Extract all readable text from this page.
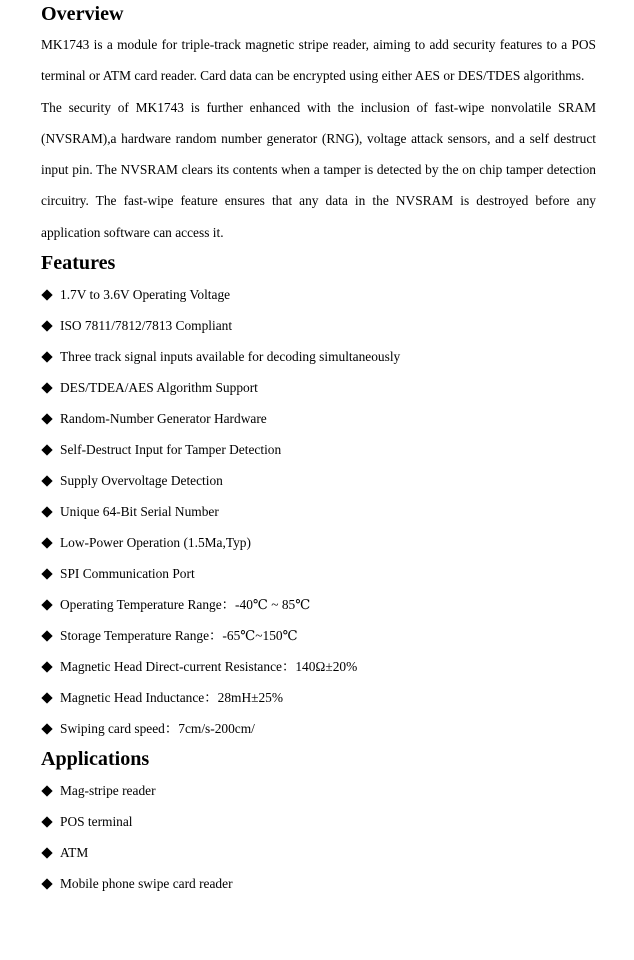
Overview

MK1743 is a module for triple-track magnetic stripe reader, aiming to add security features to a POS terminal or ATM card reader. Card data can be encrypted using either AES or DES/TDES algorithms.

The security of MK1743 is further enhanced with the inclusion of fast-wipe nonvolatile SRAM (NVSRAM),a hardware random number generator (RNG), voltage attack sensors, and a self destruct input pin. The NVSRAM clears its contents when a tamper is detected by the on chip tamper detection circuitry. The fast-wipe feature ensures that any data in the NVSRAM is destroyed before any application software can access it.

Features
1.7V to 3.6V Operating Voltage
ISO 7811/7812/7813 Compliant
Three track signal inputs available for decoding simultaneously
DES/TDEA/AES Algorithm Support
Random-Number Generator Hardware
Self-Destruct Input for Tamper Detection
Supply Overvoltage Detection
Unique 64-Bit Serial Number
Low-Power Operation (1.5Ma,Typ)
SPI Communication Port
Operating Temperature Range：-40℃ ~ 85℃
Storage Temperature Range：-65℃~150℃
Magnetic Head Direct-current Resistance：140Ω±20%
Magnetic Head Inductance：28mH±25%
Swiping card speed：7cm/s-200cm/
Applications
Mag-stripe reader
POS terminal
ATM
Mobile phone swipe card reader
